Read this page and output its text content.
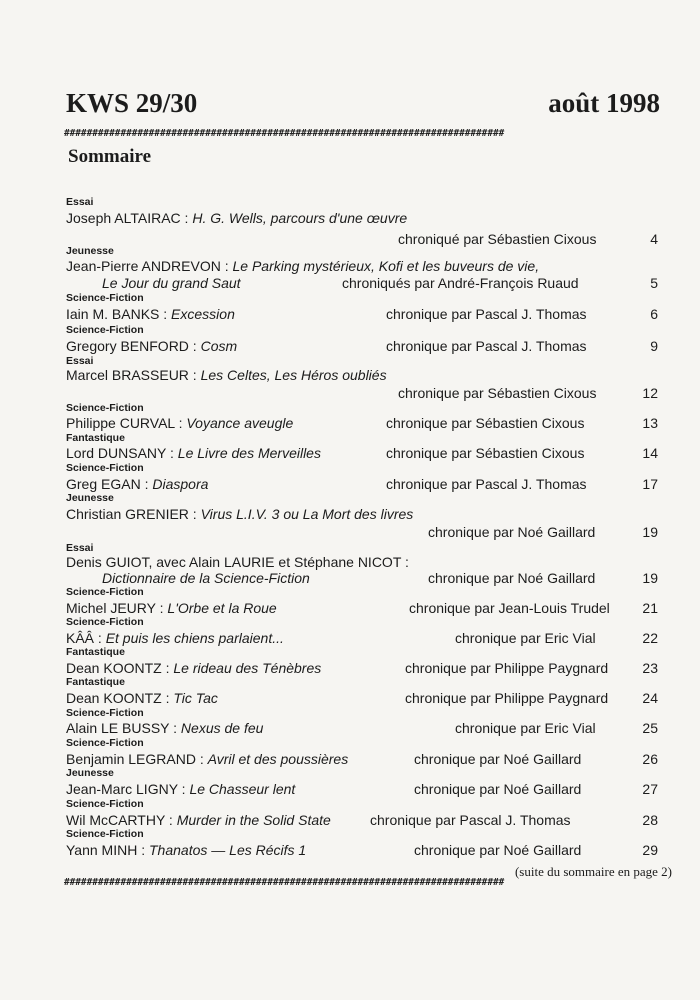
KWS 29/30	août 1998
##############################################################################
Sommaire
Essai
Joseph ALTAIRAC : H. G. Wells, parcours d'une œuvre
chroniqué par Sébastien Cixous	4
Jeunesse
Jean-Pierre ANDREVON : Le Parking mystérieux, Kofi et les buveurs de vie,
Le Jour du grand Saut	chroniqués par André-François Ruaud	5
Science-Fiction
Iain M. BANKS : Excession	chronique par Pascal J. Thomas	6
Science-Fiction
Gregory BENFORD : Cosm	chronique par Pascal J. Thomas	9
Essai
Marcel BRASSEUR : Les Celtes, Les Héros oubliés
chronique par Sébastien Cixous	12
Science-Fiction
Philippe CURVAL : Voyance aveugle	chronique par Sébastien Cixous	13
Fantastique
Lord DUNSANY : Le Livre des Merveilles	chronique par Sébastien Cixous	14
Science-Fiction
Greg EGAN : Diaspora	chronique par Pascal J. Thomas	17
Jeunesse
Christian GRENIER : Virus L.I.V. 3 ou La Mort des livres
chronique par Noé Gaillard	19
Essai
Denis GUIOT, avec Alain LAURIE et Stéphane NICOT :
Dictionnaire de la Science-Fiction	chronique par Noé Gaillard	19
Science-Fiction
Michel JEURY : L'Orbe et la Roue	chronique par Jean-Louis Trudel	21
Science-Fiction
KÂÂ : Et puis les chiens parlaient...	chronique par Eric Vial	22
Fantastique
Dean KOONTZ : Le rideau des Ténèbres	chronique par Philippe Paygnard	23
Fantastique
Dean KOONTZ : Tic Tac	chronique par Philippe Paygnard	24
Science-Fiction
Alain LE BUSSY : Nexus de feu	chronique par Eric Vial	25
Science-Fiction
Benjamin LEGRAND : Avril et des poussières	chronique par Noé Gaillard	26
Jeunesse
Jean-Marc LIGNY : Le Chasseur lent	chronique par Noé Gaillard	27
Science-Fiction
Wil McCARTHY : Murder in the Solid State	chronique par Pascal J. Thomas	28
Science-Fiction
Yann MINH : Thanatos — Les Récifs 1	chronique par Noé Gaillard	29
(suite du sommaire en page 2)
##############################################################################
